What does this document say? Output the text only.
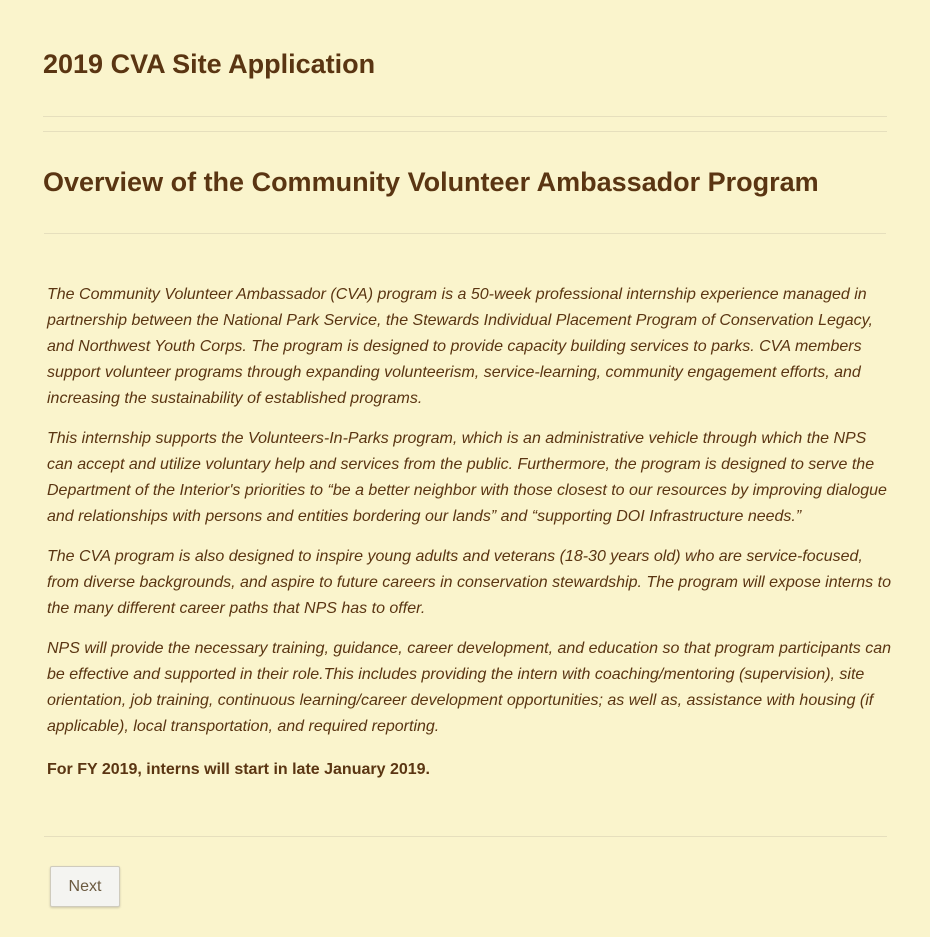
2019 CVA Site Application
Overview of the Community Volunteer Ambassador Program

The Community Volunteer Ambassador (CVA) program is a 50-week professional internship experience managed in partnership between the National Park Service, the Stewards Individual Placement Program of Conservation Legacy, and Northwest Youth Corps. The program is designed to provide capacity building services to parks. CVA members support volunteer programs through expanding volunteerism, service-learning, community engagement efforts, and increasing the sustainability of established programs.

This internship supports the Volunteers-In-Parks program, which is an administrative vehicle through which the NPS can accept and utilize voluntary help and services from the public. Furthermore, the program is designed to serve the Department of the Interior's priorities to “be a better neighbor with those closest to our resources by improving dialogue and relationships with persons and entities bordering our lands” and “supporting DOI Infrastructure needs.”

The CVA program is also designed to inspire young adults and veterans (18-30 years old) who are service-focused, from diverse backgrounds, and aspire to future careers in conservation stewardship. The program will expose interns to the many different career paths that NPS has to offer.

NPS will provide the necessary training, guidance, career development, and education so that program participants can be effective and supported in their role.This includes providing the intern with coaching/mentoring (supervision), site orientation, job training, continuous learning/career development opportunities; as well as, assistance with housing (if applicable), local transportation, and required reporting.

For FY 2019, interns will start in late January 2019.

Next
